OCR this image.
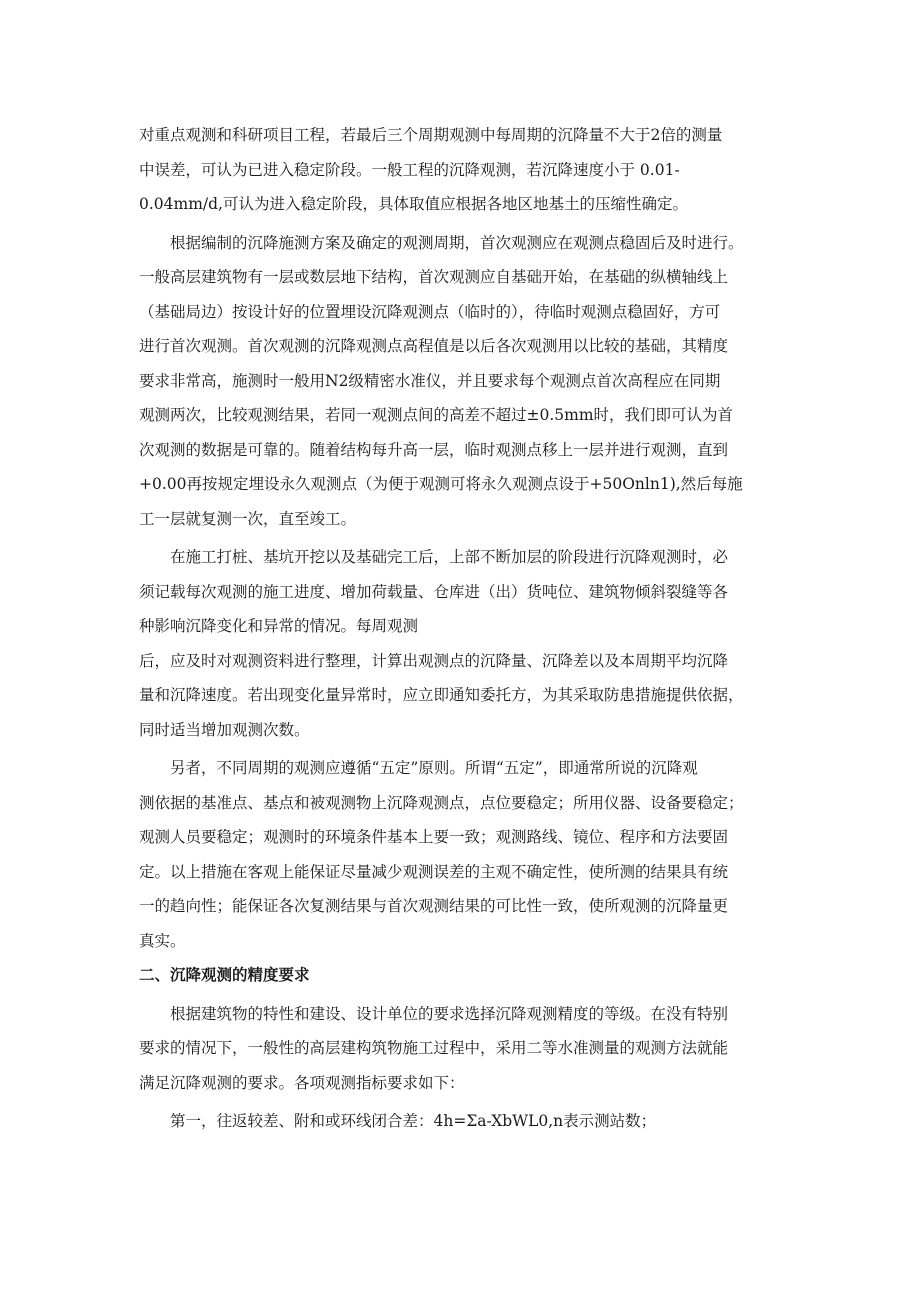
对重点观测和科研项目工程，若最后三个周期观测中每周期的沉降量不大于2倍的测量
中误差，可认为已进入稳定阶段。一般工程的沉降观测，若沉降速度小于 0.01-
0.04mm/d,可认为进入稳定阶段，具体取值应根据各地区地基土的压缩性确定。
根据编制的沉降施测方案及确定的观测周期，首次观测应在观测点稳固后及时进行。
一般高层建筑物有一层或数层地下结构，首次观测应自基础开始，在基础的纵横轴线上
（基础局边）按设计好的位置埋设沉降观测点（临时的），待临时观测点稳固好，方可
进行首次观测。首次观测的沉降观测点高程值是以后各次观测用以比较的基础，其精度
要求非常高，施测时一般用N2级精密水准仪，并且要求每个观测点首次高程应在同期
观测两次，比较观测结果，若同一观测点间的高差不超过±0.5mm时，我们即可认为首
次观测的数据是可靠的。随着结构每升高一层，临时观测点移上一层并进行观测，直到
+0.00再按规定埋设永久观测点（为便于观测可将永久观测点设于+50Onln1),然后每施
工一层就复测一次，直至竣工。
在施工打桩、基坑开挖以及基础完工后，上部不断加层的阶段进行沉降观测时，必
须记载每次观测的施工进度、增加荷载量、仓库进（出）货吨位、建筑物倾斜裂缝等各
种影响沉降变化和异常的情况。每周观测
后，应及时对观测资料进行整理，计算出观测点的沉降量、沉降差以及本周期平均沉降
量和沉降速度。若出现变化量异常时，应立即通知委托方，为其采取防患措施提供依据，
同时适当增加观测次数。
另者，不同周期的观测应遵循“五定”原则。所谓“五定”，即通常所说的沉降观
测依据的基准点、基点和被观测物上沉降观测点，点位要稳定；所用仪器、设备要稳定；
观测人员要稳定；观测时的环境条件基本上要一致；观测路线、镜位、程序和方法要固
定。以上措施在客观上能保证尽量减少观测误差的主观不确定性，使所测的结果具有统
一的趋向性；能保证各次复测结果与首次观测结果的可比性一致，使所观测的沉降量更
真实。
二、沉降观测的精度要求
根据建筑物的特性和建设、设计单位的要求选择沉降观测精度的等级。在没有特别
要求的情况下，一般性的高层建构筑物施工过程中，采用二等水准测量的观测方法就能
满足沉降观测的要求。各项观测指标要求如下：
第一，往返较差、附和或环线闭合差：4h=Σa-XbWL0,n表示测站数；
